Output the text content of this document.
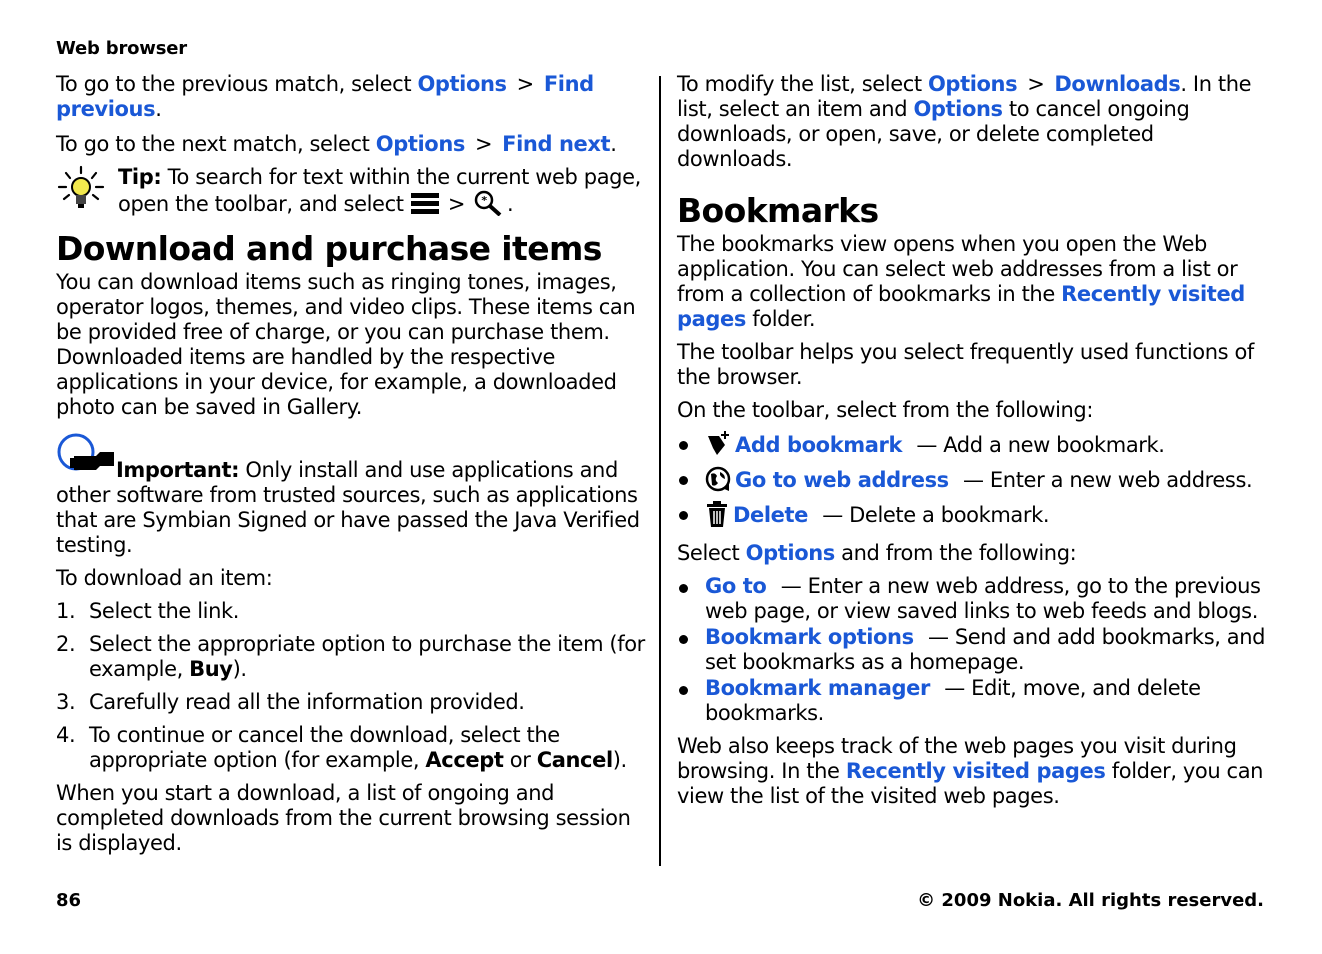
Web browser

To go to the previous match, select Options > Find previous.

To go to the next match, select Options > Find next.

Tip: To search for text within the current web page, open the toolbar, and select > * .
Download and purchase items

You can download items such as ringing tones, images, operator logos, themes, and video clips. These items can be provided free of charge, or you can purchase them. Downloaded items are handled by the respective applications in your device, for example, a downloaded photo can be saved in Gallery.

Important: Only install and use applications and other software from trusted sources, such as applications that are Symbian Signed or have passed the Java Verified testing.

To download an item:

1. Select the link.
2. Select the appropriate option to purchase the item (for example, Buy).
3. Carefully read all the information provided.
4. To continue or cancel the download, select the appropriate option (for example, Accept or Cancel).

When you start a download, a list of ongoing and completed downloads from the current browsing session is displayed.

To modify the list, select Options > Downloads. In the list, select an item and Options to cancel ongoing downloads, or open, save, or delete completed downloads.

Bookmarks

The bookmarks view opens when you open the Web application. You can select web addresses from a list or from a collection of bookmarks in the Recently visited pages folder.

The toolbar helps you select frequently used functions of the browser.

On the toolbar, select from the following:

Add bookmark — Add a new bookmark.
Go to web address — Enter a new web address.
Delete — Delete a bookmark.

Select Options and from the following:

Go to — Enter a new web address, go to the previous web page, or view saved links to web feeds and blogs.
Bookmark options — Send and add bookmarks, and set bookmarks as a homepage.
Bookmark manager — Edit, move, and delete bookmarks.

Web also keeps track of the web pages you visit during browsing. In the Recently visited pages folder, you can view the list of the visited web pages.

86	© 2009 Nokia. All rights reserved.
